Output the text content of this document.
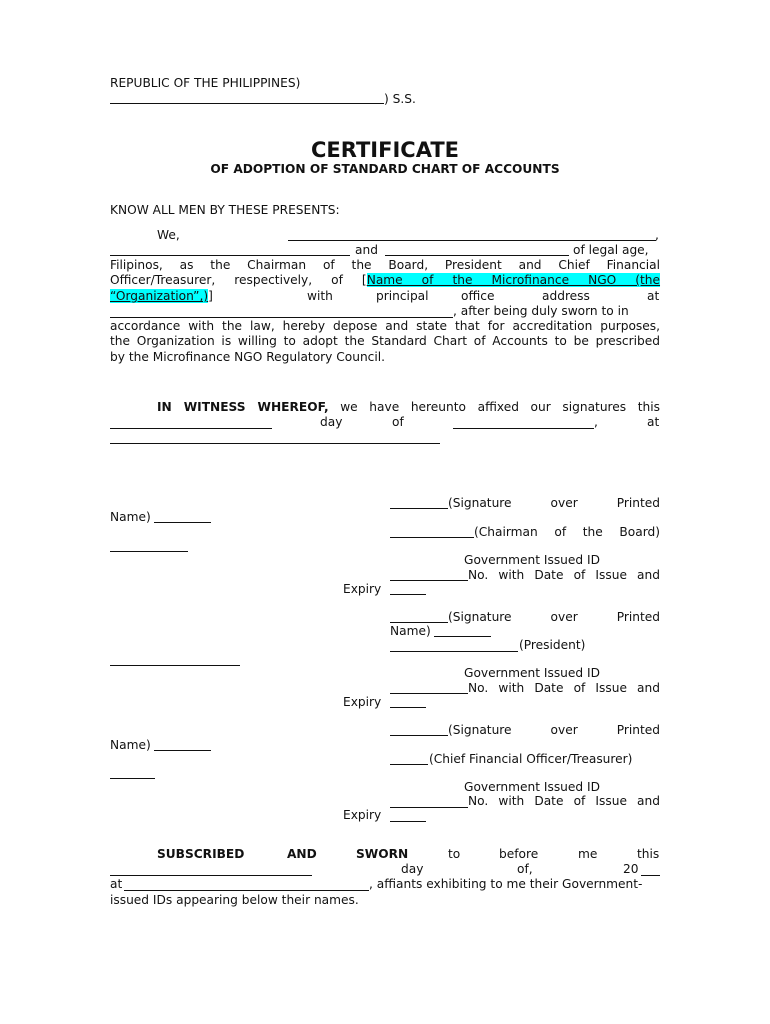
REPUBLIC OF THE PHILIPPINES)
) S.S.
CERTIFICATE
OF ADOPTION OF STANDARD CHART OF ACCOUNTS
KNOW ALL MEN BY THESE PRESENTS:
We,	,
and	of legal age,
Filipinos, as the Chairman of the Board, President and Chief Financial
Officer/Treasurer, respectively, of [Name of the Microfinance NGO (the
“Organization”,)]	with	principal	office	address	at
, after being duly sworn to in
accordance with the law, hereby depose and state that for accreditation purposes,
the Organization is willing to adopt the Standard Chart of Accounts to be prescribed
by the Microfinance NGO Regulatory Council.
IN WITNESS WHEREOF, we have hereunto affixed our signatures this
day	of	,	at
(Signature over Printed
Name)
(Chairman of the Board)
Government Issued ID
No. with Date of Issue and
Expiry
(Signature over Printed
Name)
(President)
Government Issued ID
No. with Date of Issue and
Expiry
(Signature over Printed
Name)
(Chief Financial Officer/Treasurer)
Government Issued ID
No. with Date of Issue and
Expiry
SUBSCRIBED	AND	SWORN	to	before	me	this
day	of,	20
at	, affiants exhibiting to me their Government-
issued IDs appearing below their names.
